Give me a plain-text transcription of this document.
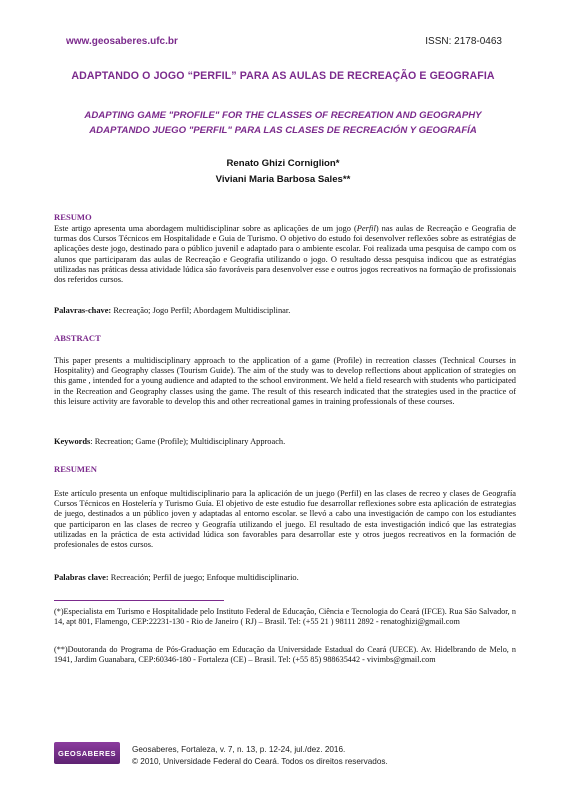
www.geosaberes.ufc.br	ISSN: 2178-0463
ADAPTANDO O JOGO “PERFIL” PARA AS AULAS DE RECREAÇÃO E GEOGRAFIA
ADAPTING GAME "PROFILE" FOR THE CLASSES OF RECREATION AND GEOGRAPHY
ADAPTANDO JUEGO "PERFIL" PARA LAS CLASES DE RECREACIÓN Y GEOGRAFÍA
Renato Ghizi Corniglion*
Viviani Maria Barbosa Sales**
RESUMO

Este artigo apresenta uma abordagem multidisciplinar sobre as aplicações de um jogo (Perfil) nas aulas de Recreação e Geografia de turmas dos Cursos Técnicos em Hospitalidade e Guia de Turismo. O objetivo do estudo foi desenvolver reflexões sobre as estratégias de aplicações deste jogo, destinado para o público juvenil e adaptado para o ambiente escolar. Foi realizada uma pesquisa de campo com os alunos que participaram das aulas de Recreação e Geografia utilizando o jogo. O resultado dessa pesquisa indicou que as estratégias utilizadas nas práticas dessa atividade lúdica são favoráveis para desenvolver esse e outros jogos recreativos na formação de profissionais dos referidos cursos.

Palavras-chave: Recreação; Jogo Perfil; Abordagem Multidisciplinar.

ABSTRACT

This paper presents a multidisciplinary approach to the application of a game (Profile) in recreation classes (Technical Courses in Hospitality) and Geography classes (Tourism Guide). The aim of the study was to develop reflections about application of strategies on this game , intended for a young audience and adapted to the school environment. We held a field research with students who participated in the Recreation and Geography classes using the game. The result of this research indicated that the strategies used in the practice of this leisure activity are favorable to develop this and other recreational games in training professionals of these courses.

Keywords: Recreation; Game (Profile); Multidisciplinary Approach.

RESUMEN

Este artículo presenta un enfoque multidisciplinario para la aplicación de un juego (Perfil) en las clases de recreo y clases de Geografía Cursos Técnicos en Hostelería y Turismo Guía. El objetivo de este estudio fue desarrollar reflexiones sobre esta aplicación de estrategias de juego, destinados a un público joven y adaptadas al entorno escolar. se llevó a cabo una investigación de campo con los estudiantes que participaron en las clases de recreo y Geografía utilizando el juego. El resultado de esta investigación indicó que las estrategias utilizadas en la práctica de esta actividad lúdica son favorables para desarrollar este y otros juegos recreativos en la formación de profesionales de estos cursos.

Palabras clave: Recreación; Perfil de juego; Enfoque multidisciplinario.

(*)Especialista em Turismo e Hospitalidade pelo Instituto Federal de Educação, Ciência e Tecnologia do Ceará (IFCE). Rua São Salvador, n 14, apt 801, Flamengo, CEP:22231-130 - Rio de Janeiro ( RJ) – Brasil. Tel: (+55 21 ) 98111 2892 - renatoghizi@gmail.com

(**)Doutoranda do Programa de Pós-Graduação em Educação da Universidade Estadual do Ceará (UECE). Av. Hidelbrando de Melo, n 1941, Jardim Guanabara, CEP:60346-180 - Fortaleza (CE) – Brasil. Tel: (+55 85) 988635442 - vivimbs@gmail.com

GEOSABERES Geosaberes, Fortaleza, v. 7, n. 13, p. 12-24, jul./dez. 2016.
© 2010, Universidade Federal do Ceará. Todos os direitos reservados.
